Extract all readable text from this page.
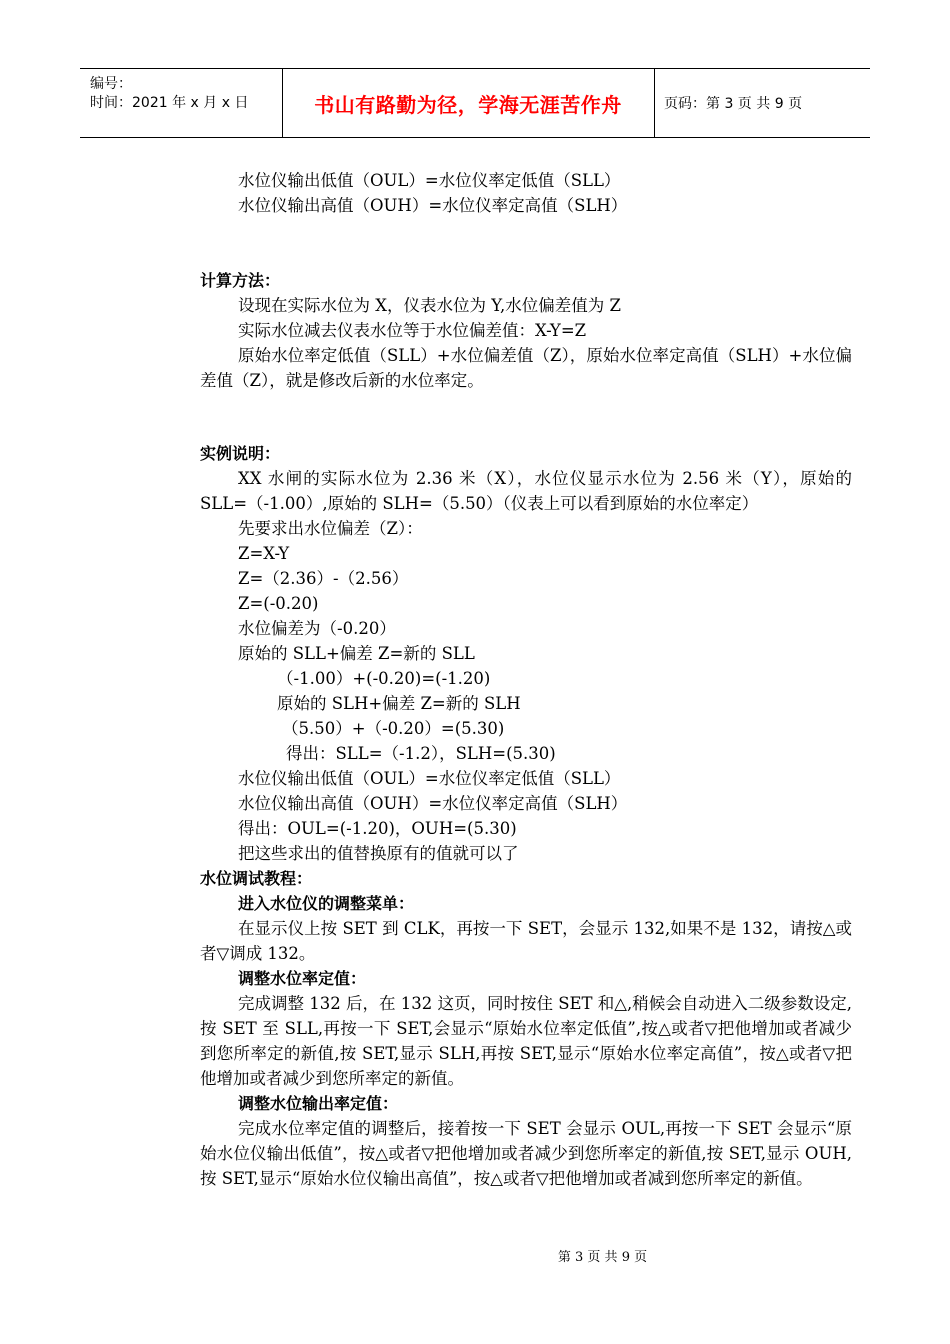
编号：
时间：2021 年 x 月 x 日	书山有路勤为径，学海无涯苦作舟	页码：第 3 页 共 9 页

水位仪输出低值（OUL）=水位仪率定低值（SLL）

水位仪输出高值（OUH）=水位仪率定高值（SLH）

计算方法：

设现在实际水位为 X，仪表水位为 Y,水位偏差值为 Z

实际水位减去仪表水位等于水位偏差值：X-Y=Z

原始水位率定低值（SLL）+水位偏差值（Z），原始水位率定高值（SLH）+水位偏差值（Z），就是修改后新的水位率定。

实例说明：

XX 水闸的实际水位为 2.36 米（X），水位仪显示水位为 2.56 米（Y），原始的 SLL=（-1.00）,原始的 SLH=（5.50）（仪表上可以看到原始的水位率定）

先要求出水位偏差（Z）：

Z=X-Y

Z=（2.36）-（2.56）

Z=(-0.20)

水位偏差为（-0.20）

原始的 SLL+偏差 Z=新的 SLL

（-1.00）+(-0.20)=(-1.20)

原始的 SLH+偏差 Z=新的 SLH

（5.50）+（-0.20）=(5.30)

得出：SLL=（-1.2），SLH=(5.30)

水位仪输出低值（OUL）=水位仪率定低值（SLL）

水位仪输出高值（OUH）=水位仪率定高值（SLH）

得出：OUL=(-1.20)，OUH=(5.30)

把这些求出的值替换原有的值就可以了

水位调试教程：

进入水位仪的调整菜单：

在显示仪上按 SET 到 CLK，再按一下 SET，会显示 132,如果不是 132，请按△或者▽调成 132。

调整水位率定值：

完成调整 132 后，在 132 这页，同时按住 SET 和△,稍候会自动进入二级参数设定,按 SET 至 SLL,再按一下 SET,会显示“原始水位率定低值”,按△或者▽把他增加或者减少到您所率定的新值,按 SET,显示 SLH,再按 SET,显示“原始水位率定高值”，按△或者▽把他增加或者减少到您所率定的新值。

调整水位输出率定值：

完成水位率定值的调整后，接着按一下 SET 会显示 OUL,再按一下 SET 会显示“原始水位仪输出低值”，按△或者▽把他增加或者减少到您所率定的新值,按 SET,显示 OUH,按 SET,显示“原始水位仪输出高值”，按△或者▽把他增加或者减到您所率定的新值。

第 3 页 共 9 页
